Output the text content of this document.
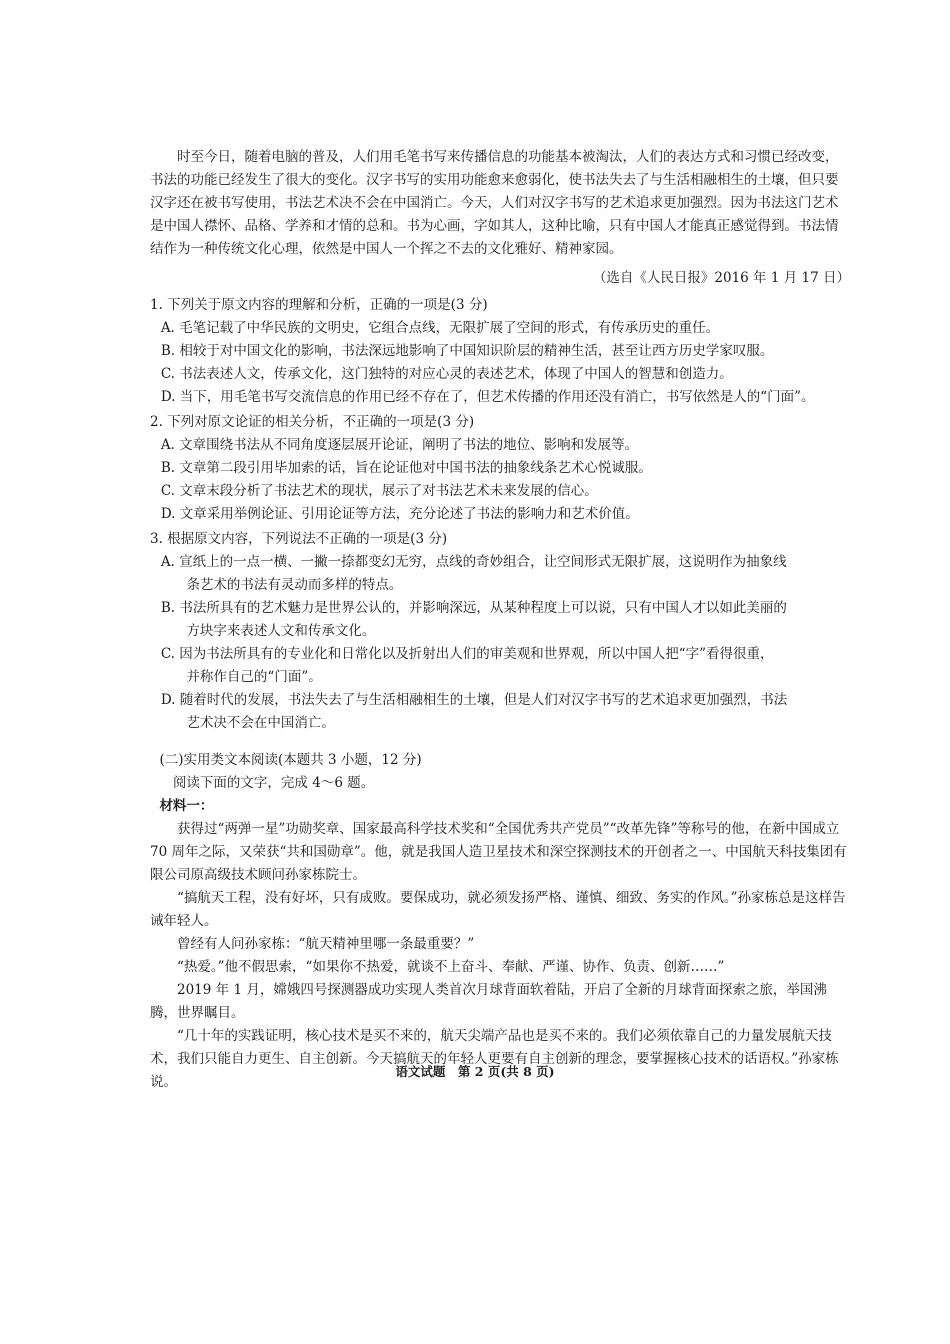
时至今日，随着电脑的普及，人们用毛笔书写来传播信息的功能基本被淘汰，人们的表达方式和习惯已经改变，书法的功能已经发生了很大的变化。汉字书写的实用功能愈来愈弱化，使书法失去了与生活相融相生的土壤，但只要汉字还在被书写使用，书法艺术决不会在中国消亡。今天，人们对汉字书写的艺术追求更加强烈。因为书法这门艺术是中国人襟怀、品格、学养和才情的总和。书为心画，字如其人，这种比喻，只有中国人才能真正感觉得到。书法情结作为一种传统文化心理，依然是中国人一个挥之不去的文化雅好、精神家园。

（选自《人民日报》2016 年 1 月 17 日）

1. 下列关于原文内容的理解和分析，正确的一项是(3 分)

A. 毛笔记载了中华民族的文明史，它组合点线，无限扩展了空间的形式，有传承历史的重任。

B. 相较于对中国文化的影响，书法深远地影响了中国知识阶层的精神生活，甚至让西方历史学家叹服。

C. 书法表述人文，传承文化，这门独特的对应心灵的表述艺术，体现了中国人的智慧和创造力。

D. 当下，用毛笔书写交流信息的作用已经不存在了，但艺术传播的作用还没有消亡，书写依然是人的“门面”。

2. 下列对原文论证的相关分析，不正确的一项是(3 分)

A. 文章围绕书法从不同角度逐层展开论证，阐明了书法的地位、影响和发展等。

B. 文章第二段引用毕加索的话，旨在论证他对中国书法的抽象线条艺术心悦诚服。

C. 文章末段分析了书法艺术的现状，展示了对书法艺术未来发展的信心。

D. 文章采用举例论证、引用论证等方法，充分论述了书法的影响力和艺术价值。

3. 根据原文内容，下列说法不正确的一项是(3 分)

A. 宣纸上的一点一横、一撇一捺都变幻无穷，点线的奇妙组合，让空间形式无限扩展，这说明作为抽象线
条艺术的书法有灵动而多样的特点。

B. 书法所具有的艺术魅力是世界公认的，并影响深远，从某种程度上可以说，只有中国人才以如此美丽的
方块字来表述人文和传承文化。

C. 因为书法所具有的专业化和日常化以及折射出人们的审美观和世界观，所以中国人把“字”看得很重，
并称作自己的“门面”。

D. 随着时代的发展，书法失去了与生活相融相生的土壤，但是人们对汉字书写的艺术追求更加强烈，书法
艺术决不会在中国消亡。

(二)实用类文本阅读(本题共 3 小题，12 分)

阅读下面的文字，完成 4～6 题。

材料一：

获得过“两弹一星”功勋奖章、国家最高科学技术奖和“全国优秀共产党员”“改革先锋”等称号的他，在新中国成立 70 周年之际，又荣获“共和国勋章”。他，就是我国人造卫星技术和深空探测技术的开创者之一、中国航天科技集团有限公司原高级技术顾问孙家栋院士。

“搞航天工程，没有好坏，只有成败。要保成功，就必须发扬严格、谨慎、细致、务实的作风。”孙家栋总是这样告诫年轻人。

曾经有人问孙家栋：“航天精神里哪一条最重要？”

“热爱。”他不假思索，“如果你不热爱，就谈不上奋斗、奉献、严谨、协作、负责、创新……”

2019 年 1 月，嫦娥四号探测器成功实现人类首次月球背面软着陆，开启了全新的月球背面探索之旅，举国沸腾，世界瞩目。

“几十年的实践证明，核心技术是买不来的，航天尖端产品也是买不来的。我们必须依靠自己的力量发展航天技术，我们只能自力更生、自主创新。今天搞航天的年轻人更要有自主创新的理念，要掌握核心技术的话语权。”孙家栋说。

语文试题　第 2 页(共 8 页)
